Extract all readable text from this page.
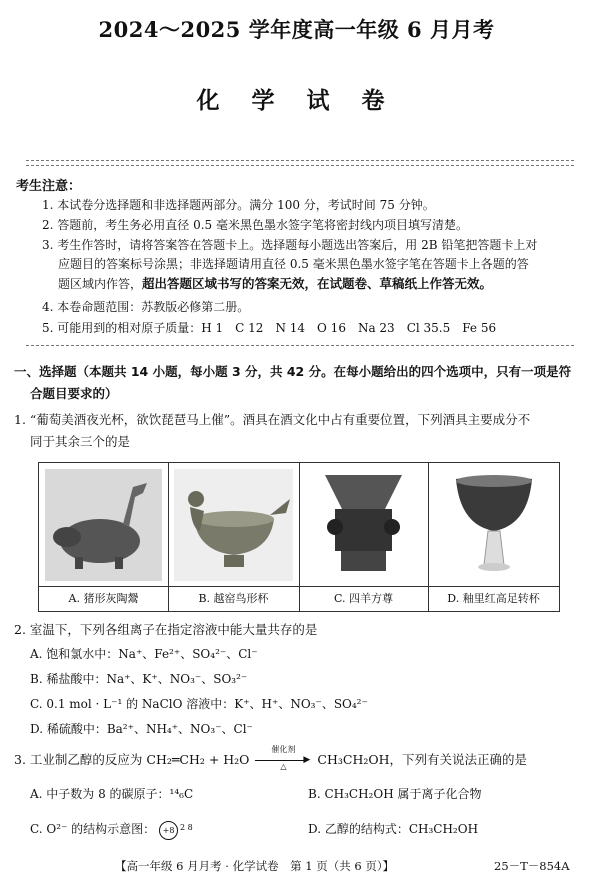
2024～2025 学年度高一年级 6 月月考
化 学 试 卷
考生注意：
1. 本试卷分选择题和非选择题两部分。满分 100 分，考试时间 75 分钟。
2. 答题前，考生务必用直径 0.5 毫米黑色墨水签字笔将密封线内项目填写清楚。
3. 考生作答时，请将答案答在答题卡上。选择题每小题选出答案后，用 2B 铅笔把答题卡上对
应题目的答案标号涂黑；非选择题请用直径 0.5 毫米黑色墨水签字笔在答题卡上各题的答
题区域内作答，超出答题区域书写的答案无效，在试题卷、草稿纸上作答无效。
4. 本卷命题范围：苏教版必修第二册。
5. 可能用到的相对原子质量：H 1　C 12　N 14　O 16　Na 23　Cl 35.5　Fe 56
一、选择题（本题共 14 小题，每小题 3 分，共 42 分。在每小题给出的四个选项中，只有一项是符
合题目要求的）
1. “葡萄美酒夜光杯，欲饮琵琶马上催”。酒具在酒文化中占有重要位置，下列酒具主要成分不
同于其余三个的是
A. 猪形灰陶鬶	B. 越窑鸟形杯	C. 四羊方尊	D. 釉里红高足转杯
2. 室温下，下列各组离子在指定溶液中能大量共存的是
A. 饱和氯水中：Na⁺、Fe²⁺、SO₄²⁻、Cl⁻
B. 稀盐酸中：Na⁺、K⁺、NO₃⁻、SO₃²⁻
C. 0.1 mol · L⁻¹ 的 NaClO 溶液中：K⁺、H⁺、NO₃⁻、SO₄²⁻
D. 稀硫酸中：Ba²⁺、NH₄⁺、NO₃⁻、Cl⁻
3. 工业制乙醇的反应为 CH₂═CH₂ + H₂O
催化剂
▶
△	CH₃CH₂OH，下列有关说法正确的是
A. 中子数为 8 的碳原子：¹⁴₆C	B. CH₃CH₂OH 属于离子化合物
C. O²⁻ 的结构示意图： +8 2 8	D. 乙醇的结构式：CH₃CH₂OH
【高一年级 6 月月考 · 化学试卷　第 1 页（共 6 页）】	25－T－854A
